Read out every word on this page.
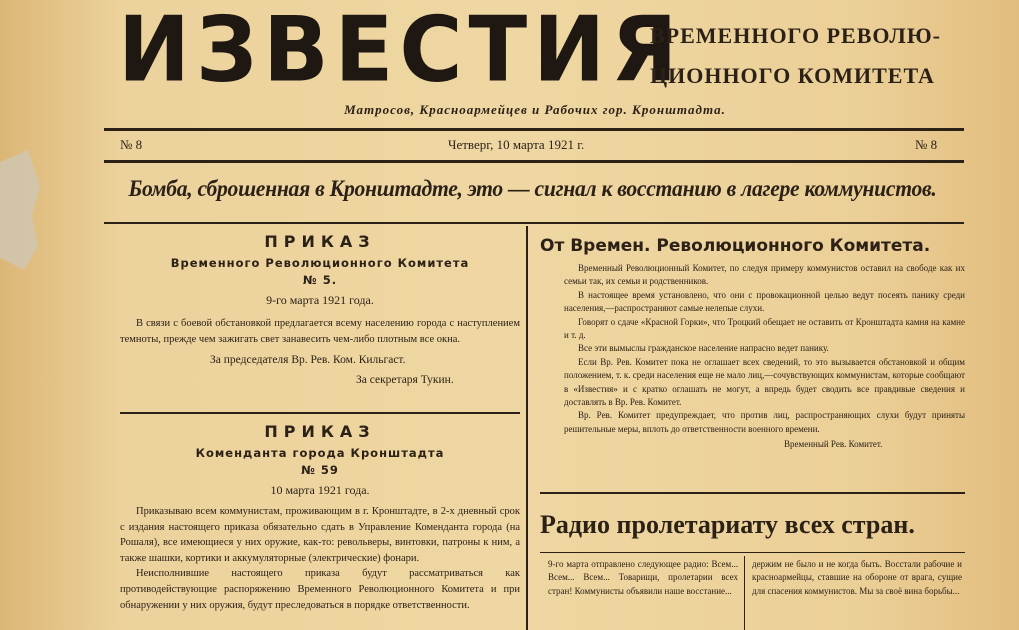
ИЗВЕСТИЯ
ВРЕМЕННОГО РЕВОЛЮ-
ЦИОННОГО КОМИТЕТА
Матросов, Красноармейцев и Рабочих гор. Кронштадта.
№ 8	Четверг, 10 марта 1921 г.	№ 8
Бомба, сброшенная в Кронштадте, это — сигнал к восстанию в лагере коммунистов.
ПРИКАЗ
Временного Революционного Комитета
№ 5.
9-го марта 1921 года.

В связи с боевой обстановкой предлагается всему населению города с наступлением темноты, прежде чем зажигать свет занавесить чем-либо плотным все окна.

За председателя Вр. Рев. Ком. Кильгаст.
За секретаря Тукин.
ПРИКАЗ
Коменданта города Кронштадта
№ 59
10 марта 1921 года.

Приказываю всем коммунистам, проживающим в г. Кронштадте, в 2-х дневный срок с издания настоящего приказа обязательно сдать в Управление Коменданта города (на Рошаля), все имеющиеся у них оружие, как-то: револьверы, винтовки, патроны к ним, а также шашки, кортики и аккумуляторные (электрические) фонари.

Неисполнившие настоящего приказа будут рассматриваться как противодействующие распоряжению Временного Революционного Комитета и при обнаружении у них оружия, будут преследоваться в порядке ответственности.

От Времен. Революционного Комитета.

Временный Революционный Комитет, по следуя примеру коммунистов оставил на свободе как их семьи так, их семьи и родственников.

В настоящее время установлено, что они с провокационной целью ведут посеять панику среди населения,—распространяют самые нелепые слухи.

Говорят о сдаче «Красной Горки», что Троцкий обещает не оставить от Кронштадта камня на камне и т. д.

Все эти вымыслы гражданское население напрасно ведет панику.

Если Вр. Рев. Комитет пока не оглашает всех сведений, то это вызывается обстановкой и общим положением, т. к. среди населения еще не мало лиц,—сочувствующих коммунистам, которые сообщают в «Известия» и с кратко оглашать не могут, а впредь будет сводить все правдивые сведения и доставлять в Вр. Рев. Комитет.

Вр. Рев. Комитет предупреждает, что против лиц, распространяющих слухи будут приняты решительные меры, вплоть до ответственности военного времени.

Временный Рев. Комитет.
Радио пролетариату всех стран.
9-го марта отправлено следующее радио: Всем... Всем... Всем... Товарищи, пролетарии всех стран! Коммунисты объявили наше восстание...
держим не было и не когда быть. Восстали рабочие и красноармейцы, ставшие на обороне от врага, сущие для спасения коммунистов. Мы за своё вина борьбы...
